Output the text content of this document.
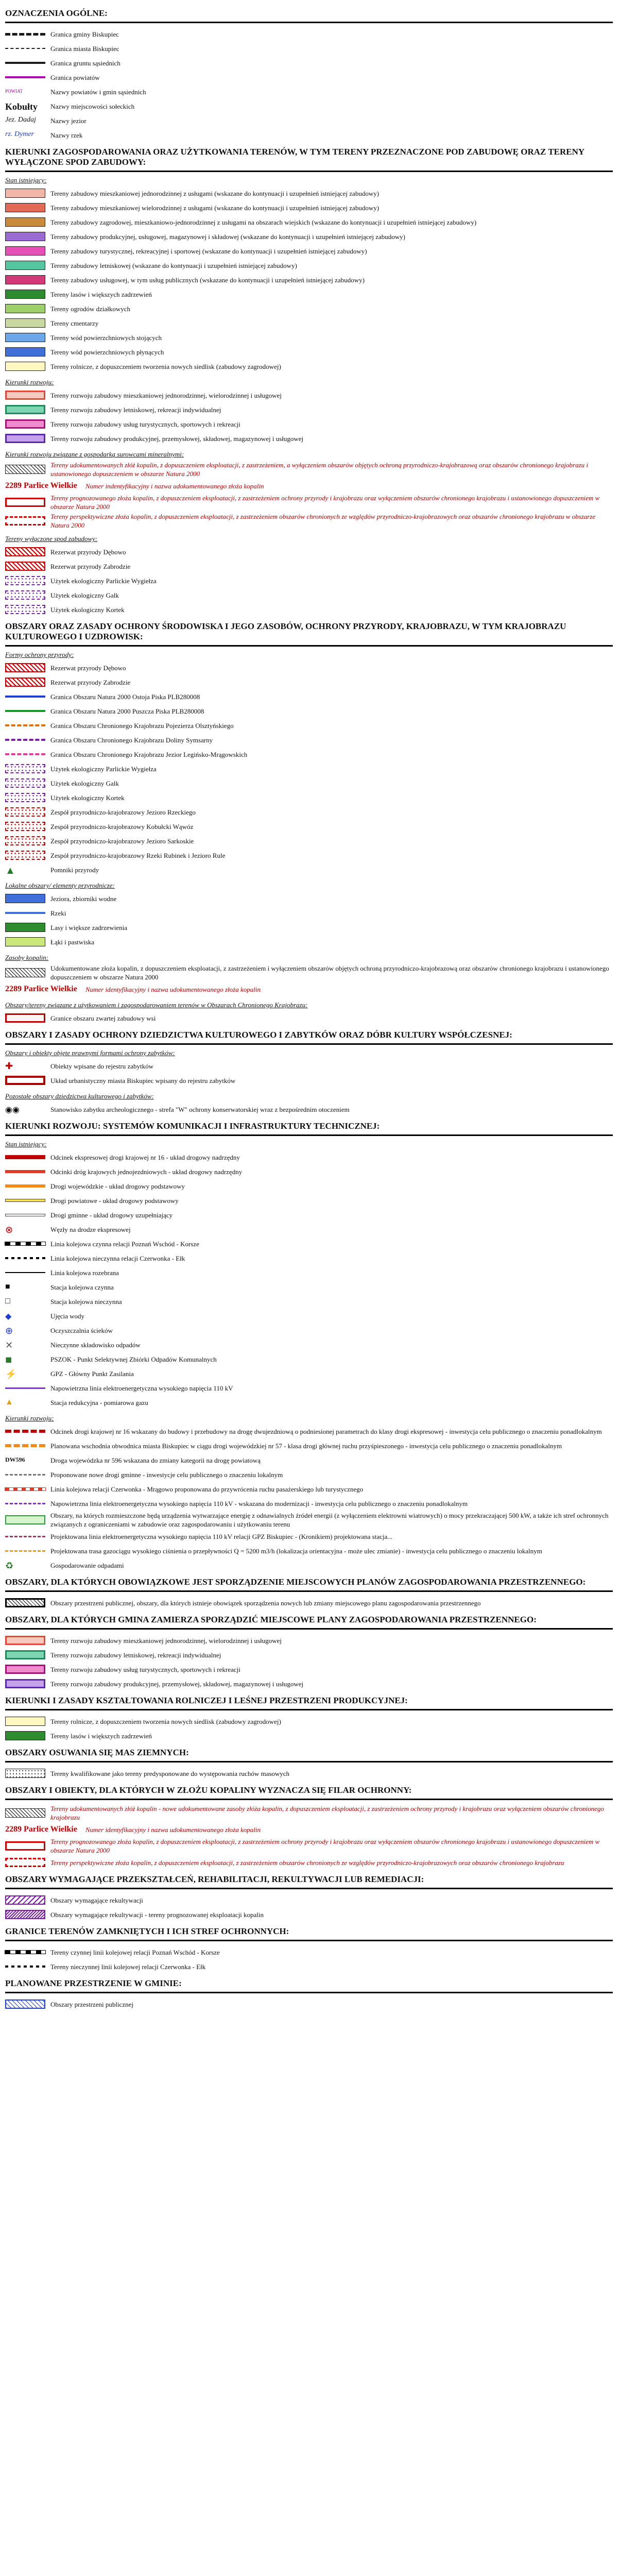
OZNACZENIA OGÓLNE:
Granica gminy Biskupiec
Granica miasta Biskupiec
Granica gruntu sąsiednich
Granica powiatów
POWIAT	Nazwy powiatów i gmin sąsiednich
Kobułty	Nazwy miejscowości sołeckich
Jez. Dadaj	Nazwy jezior
rz. Dymer	Nazwy rzek
KIERUNKI ZAGOSPODAROWANIA ORAZ UŻYTKOWANIA TERENÓW, W TYM TERENY PRZEZNACZONE POD ZABUDOWĘ ORAZ TERENY WYŁĄCZONE SPOD ZABUDOWY:
Stan istniejący:
Tereny zabudowy mieszkaniowej jednorodzinnej z usługami (wskazane do kontynuacji i uzupełnień istniejącej zabudowy)
Tereny zabudowy mieszkaniowej wielorodzinnej z usługami (wskazane do kontynuacji i uzupełnień istniejącej zabudowy)
Tereny zabudowy zagrodowej, mieszkaniowo-jednorodzinnej z usługami na obszarach wiejskich (wskazane do kontynuacji i uzupełnień istniejącej zabudowy)
Tereny zabudowy produkcyjnej, usługowej, magazynowej i składowej (wskazane do kontynuacji i uzupełnień istniejącej zabudowy)
Tereny zabudowy turystycznej, rekreacyjnej i sportowej (wskazane do kontynuacji i uzupełnień istniejącej zabudowy)
Tereny zabudowy letniskowej (wskazane do kontynuacji i uzupełnień istniejącej zabudowy)
Tereny zabudowy usługowej, w tym usług publicznych (wskazane do kontynuacji i uzupełnień istniejącej zabudowy)
Tereny lasów i większych zadrzewień
Tereny ogrodów działkowych
Tereny cmentarzy
Tereny wód powierzchniowych stojących
Tereny wód powierzchniowych płynących
Tereny rolnicze, z dopuszczeniem tworzenia nowych siedlisk (zabudowy zagrodowej)
Kierunki rozwoju:
Tereny rozwoju zabudowy mieszkaniowej jednorodzinnej, wielorodzinnej i usługowej
Tereny rozwoju zabudowy letniskowej, rekreacji indywidualnej
Tereny rozwoju zabudowy usług turystycznych, sportowych i rekreacji
Tereny rozwoju zabudowy produkcyjnej, przemysłowej, składowej, magazynowej i usługowej
Kierunki rozwoju związane z gospodarką surowcami mineralnymi:
Tereny udokumentowanych złóż kopalin, z dopuszczeniem eksploatacji, z zastrzeżeniem, a wyłączeniem obszarów objętych ochroną przyrodniczo-krajobrazową oraz obszarów chronionego krajobrazu i ustanowionego dopuszczeniem w obszarze Natura 2000
2289 Parlice Wielkie	Numer indentyfikacyjny i nazwa udokumentowanego złoża kopalin
Tereny prognozowanego złoża kopalin, z dopuszczeniem eksploatacji, z zastrzeżeniem ochrony przyrody i krajobrazu oraz wyłączeniem obszarów chronionego krajobrazu i ustanowionego dopuszczeniem w obszarze Natura 2000
Tereny perspektywiczne złoża kopalin, z dopuszczeniem eksploatacji, z zastrzeżeniem obszarów chronionych ze względów przyrodniczo-krajobrazowych oraz obszarów chronionego krajobrazu w obszarze Natura 2000
Tereny wyłączone spod zabudowy:
Rezerwat przyrody Dębowo
Rezerwat przyrody Zabrodzie
Użytek ekologiczny Parlickie Wygiełza
Użytek ekologiczny Galk
Użytek ekologiczny Kortek
OBSZARY ORAZ ZASADY OCHRONY ŚRODOWISKA I JEGO ZASOBÓW, OCHRONY PRZYRODY, KRAJOBRAZU, W TYM KRAJOBRAZU KULTUROWEGO I UZDROWISK:
Formy ochrony przyrody:
Rezerwat przyrody Dębowo
Rezerwat przyrody Zabrodzie
Granica Obszaru Natura 2000 Ostoja Piska PLB280008
Granica Obszaru Natura 2000 Puszcza Piska PLB280008
Granica Obszaru Chronionego Krajobrazu Pojezierza Olsztyńskiego
Granica Obszaru Chronionego Krajobrazu Doliny Symsarny
Granica Obszaru Chronionego Krajobrazu Jezior Legińsko-Mrągowskich
Użytek ekologiczny Parlickie Wygiełza
Użytek ekologiczny Galk
Użytek ekologiczny Kortek
Zespół przyrodniczo-krajobrazowy Jezioro Rzeckiego
Zespół przyrodniczo-krajobrazowy Kobułcki Wąwóz
Zespół przyrodniczo-krajobrazowy Jezioro Sarkoskie
Zespół przyrodniczo-krajobrazowy Rzeki Rubinek i Jezioro Rule
▲	Pomniki przyrody
Lokalne obszary/ elementy przyrodnicze:
Jeziora, zbiorniki wodne
Rzeki
Lasy i większe zadrzewienia
Łąki i pastwiska
Zasoby kopalin:
Udokumentowane złoża kopalin, z dopuszczeniem eksploatacji, z zastrzeżeniem i wyłączeniem obszarów objętych ochroną przyrodniczo-krajobrazową oraz obszarów chronionego krajobrazu i ustanowionego dopuszczeniem w obszarze Natura 2000
2289 Parlice Wielkie	Numer identyfikacyjny i nazwa udokumentowanego złoża kopalin
Obszary/tereny związane z użytkowaniem i zagospodarowaniem terenów w Obszarach Chronionego Krajobrazu:
Granice obszaru zwartej zabudowy wsi
OBSZARY I ZASADY OCHRONY DZIEDZICTWA KULTUROWEGO I ZABYTKÓW ORAZ DÓBR KULTURY WSPÓŁCZESNEJ:
Obszary i obiekty objęte prawnymi formami ochrony zabytków:
✚	Obiekty wpisane do rejestru zabytków
Układ urbanistyczny miasta Biskupiec wpisany do rejestru zabytków
Pozostałe obszary dziedzictwa kulturowego i zabytków:
◉◉	Stanowisko zabytku archeologicznego - strefa "W" ochrony konserwatorskiej wraz z bezpośrednim otoczeniem
KIERUNKI ROZWOJU: SYSTEMÓW KOMUNIKACJI I INFRASTRUKTURY TECHNICZNEJ:
Stan istniejący:
Odcinek ekspresowej drogi krajowej nr 16 - układ drogowy nadrzędny
Odcinki dróg krajowych jednojezdniowych - układ drogowy nadrzędny
Drogi wojewódzkie - układ drogowy podstawowy
Drogi powiatowe - układ drogowy podstawowy
Drogi gminne - układ drogowy uzupełniający
⊗	Węzły na drodze ekspresowej
Linia kolejowa czynna relacji Poznań Wschód - Korsze
Linia kolejowa nieczynna relacji Czerwonka - Ełk
Linia kolejowa rozebrana
■	Stacja kolejowa czynna
□	Stacja kolejowa nieczynna
◆	Ujęcia wody
⊕	Oczyszczalnia ścieków
✕	Nieczynne składowisko odpadów
◼	PSZOK - Punkt Selektywnej Zbiórki Odpadów Komunalnych
⚡	GPZ - Główny Punkt Zasilania
Napowietrzna linia elektroenergetyczna wysokiego napięcia 110 kV
▲	Stacja redukcyjna - pomiarowa gazu
Kierunki rozwoju:
Odcinek drogi krajowej nr 16 wskazany do budowy i przebudowy na drogę dwujezdniową o podniesionej parametrach do klasy drogi ekspresowej - inwestycja celu publicznego o znaczeniu ponadlokalnym
Planowana wschodnia obwodnica miasta Biskupiec w ciągu drogi wojewódzkiej nr 57 - klasa drogi głównej ruchu przyśpieszonego - inwestycja celu publicznego o znaczeniu ponadlokalnym
DW596	Droga wojewódzka nr 596 wskazana do zmiany kategorii na drogę powiatową
Proponowane nowe drogi gminne - inwestycje celu publicznego o znaczeniu lokalnym
Linia kolejowa relacji Czerwonka - Mrągowo proponowana do przywrócenia ruchu pasażerskiego lub turystycznego
Napowietrzna linia elektroenergetyczna wysokiego napięcia 110 kV - wskazana do modernizacji - inwestycja celu publicznego o znaczeniu ponadlokalnym
Obszary, na których rozmieszczone będą urządzenia wytwarzające energię z odnawialnych źródeł energii (z wyłączeniem elektrowni wiatrowych) o mocy przekraczającej 500 kW, a także ich stref ochronnych związanych z ograniczeniami w zabudowie oraz zagospodarowaniu i użytkowaniu terenu
Projektowana linia elektroenergetyczna wysokiego napięcia 110 kV relacji GPZ Biskupiec - (Kronikiem) projektowana stacja...
Projektowana trasa gazociągu wysokiego ciśnienia o przepływności Q = 5200 m3/h (lokalizacja orientacyjna - może ulec zmianie) - inwestycja celu publicznego o znaczeniu lokalnym
♻	Gospodarowanie odpadami
OBSZARY, DLA KTÓRYCH OBOWIĄZKOWE JEST SPORZĄDZENIE MIEJSCOWYCH PLANÓW ZAGOSPODAROWANIA PRZESTRZENNEGO:
Obszary przestrzeni publicznej, obszary, dla których istnieje obowiązek sporządzenia nowych lub zmiany miejscowego planu zagospodarowania przestrzennego
OBSZARY, DLA KTÓRYCH GMINA ZAMIERZA SPORZĄDZIĆ MIEJSCOWE PLANY ZAGOSPODAROWANIA PRZESTRZENNEGO:
Tereny rozwoju zabudowy mieszkaniowej jednorodzinnej, wielorodzinnej i usługowej
Tereny rozwoju zabudowy letniskowej, rekreacji indywidualnej
Tereny rozwoju zabudowy usług turystycznych, sportowych i rekreacji
Tereny rozwoju zabudowy produkcyjnej, przemysłowej, składowej, magazynowej i usługowej
KIERUNKI I ZASADY KSZTAŁTOWANIA ROLNICZEJ I LEŚNEJ PRZESTRZENI PRODUKCYJNEJ:
Tereny rolnicze, z dopuszczeniem tworzenia nowych siedlisk (zabudowy zagrodowej)
Tereny lasów i większych zadrzewień
OBSZARY OSUWANIA SIĘ MAS ZIEMNYCH:
Tereny kwalifikowane jako tereny predysponowane do występowania ruchów masowych
OBSZARY I OBIEKTY, DLA KTÓRYCH W ZŁOŻU KOPALINY WYZNACZA SIĘ FILAR OCHRONNY:
Tereny udokumentowanych złóż kopalin - nowe udokumentowane zasoby złóża kopalin, z dopuszczeniem eksploatacji, z zastrzeżeniem ochrony przyrody i krajobrazu oraz wyłączeniem obszarów chronionego krajobrazu
2289 Parlice Wielkie	Numer identyfikacyjny i nazwa udokumentowanego złoża kopalin
Tereny prognozowanego złoża kopalin, z dopuszczeniem eksploatacji, z zastrzeżeniem ochrony przyrody i krajobrazu oraz wyłączeniem obszarów chronionego krajobrazu i ustanowionego dopuszczeniem w obszarze Natura 2000
Tereny perspektywiczne złoża kopalin, z dopuszczeniem eksploatacji, z zastrzeżeniem obszarów chronionych ze względów przyrodniczo-krajobrazowych oraz obszarów chronionego krajobrazu
OBSZARY WYMAGAJĄCE PRZEKSZTAŁCEŃ, REHABILITACJI, REKULTYWACJI LUB REMEDIACJI:
Obszary wymagające rekultywacji
Obszary wymagające rekultywacji - tereny prognozowanej eksploatacji kopalin
GRANICE TERENÓW ZAMKNIĘTYCH I ICH STREF OCHRONNYCH:
Tereny czynnej linii kolejowej relacji Poznań Wschód - Korsze
Tereny nieczynnej linii kolejowej relacji Czerwonka - Ełk
PLANOWANE PRZESTRZENIE W GMINIE:
Obszary przestrzeni publicznej
